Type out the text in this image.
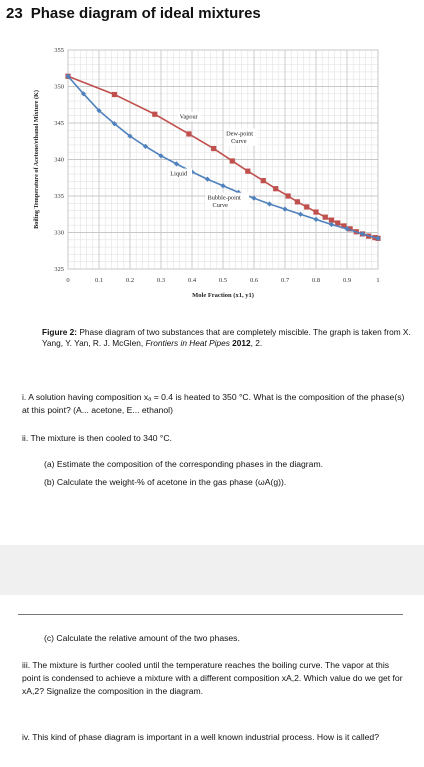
23 Phase diagram of ideal mixtures
0	0.1	0.2	0.3	0.4	0.5	0.6	0.7	0.8	0.9	1
325
330
335
340
345
350
355
Mole Fraction (x1, y1)
Boiling Temperature of Acetone/ethanol Mixture (K)	Vapour
Dew-point
Curve
Liquid
Bubble-point
Curve
Figure 2: Phase diagram of two substances that are completely miscible. The graph is taken from X. Yang, Y. Yan, R. J. McGlen, Frontiers in Heat Pipes 2012, 2.
i. A solution having composition xₐ = 0.4 is heated to 350 °C. What is the composition of the phase(s) at this point? (A... acetone, E... ethanol)
ii. The mixture is then cooled to 340 °C.
(a) Estimate the composition of the corresponding phases in the diagram.
(b) Calculate the weight-% of acetone in the gas phase (ωA(g)).
(c) Calculate the relative amount of the two phases.
iii. The mixture is further cooled until the temperature reaches the boiling curve. The vapor at this point is condensed to achieve a mixture with a different composition xA,2. Which value do we get for xA,2? Signalize the composition in the diagram.
iv. This kind of phase diagram is important in a well known industrial process. How is it called?
